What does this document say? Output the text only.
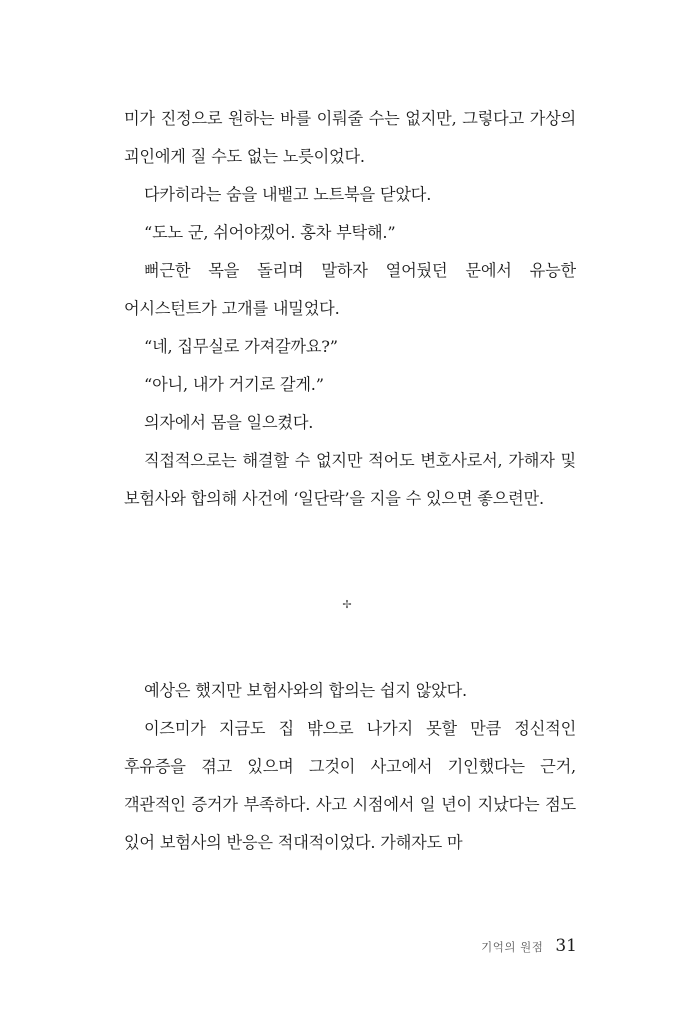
미가 진정으로 원하는 바를 이뤄줄 수는 없지만, 그렇다고 가상의 괴인에게 질 수도 없는 노릇이었다.

다카히라는 숨을 내뱉고 노트북을 닫았다.

“도노 군, 쉬어야겠어. 홍차 부탁해.”

뻐근한 목을 돌리며 말하자 열어뒀던 문에서 유능한 어시스턴트가 고개를 내밀었다.

“네, 집무실로 가져갈까요?”

“아니, 내가 거기로 갈게.”

의자에서 몸을 일으켰다.

직접적으로는 해결할 수 없지만 적어도 변호사로서, 가해자 및 보험사와 합의해 사건에 ‘일단락’을 지을 수 있으면 좋으련만.

✢

예상은 했지만 보험사와의 합의는 쉽지 않았다.

이즈미가 지금도 집 밖으로 나가지 못할 만큼 정신적인 후유증을 겪고 있으며 그것이 사고에서 기인했다는 근거, 객관적인 증거가 부족하다. 사고 시점에서 일 년이 지났다는 점도 있어 보험사의 반응은 적대적이었다. 가해자도 마

기억의 원점 31
